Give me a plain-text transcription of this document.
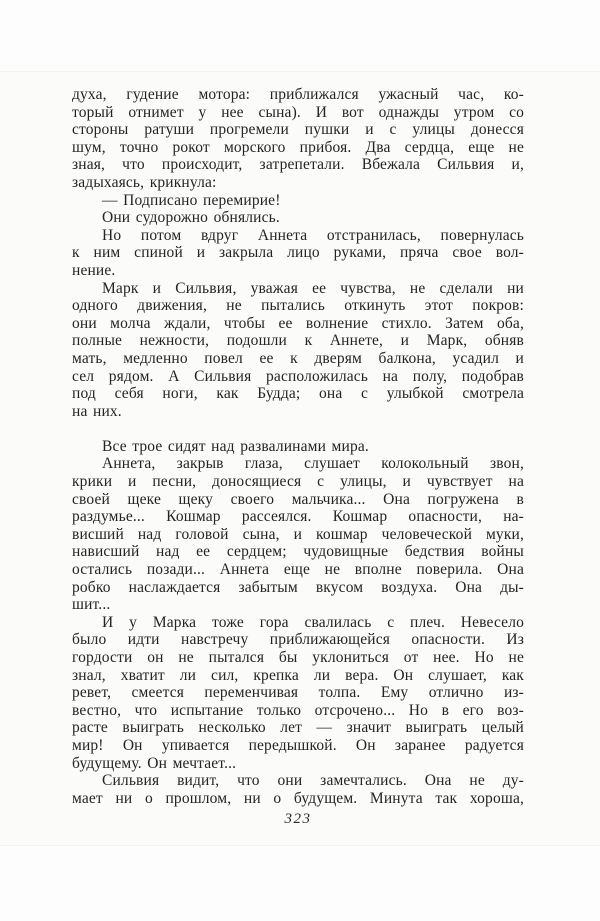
духа, гудение мотора: приближался ужасный час, ко-
торый отнимет у нее сына). И вот однажды утром со
стороны ратуши прогремели пушки и с улицы донесся
шум, точно рокот морского прибоя. Два сердца, еще не
зная, что происходит, затрепетали. Вбежала Сильвия и,
задыхаясь, крикнула:
— Подписано перемирие!
Они судорожно обнялись.
Но потом вдруг Аннета отстранилась, повернулась
к ним спиной и закрыла лицо руками, пряча свое вол-
нение.
Марк и Сильвия, уважая ее чувства, не сделали ни
одного движения, не пытались откинуть этот покров:
они молча ждали, чтобы ее волнение стихло. Затем оба,
полные нежности, подошли к Аннете, и Марк, обняв
мать, медленно повел ее к дверям балкона, усадил и
сел рядом. А Сильвия расположилась на полу, подобрав
под себя ноги, как Будда; она с улыбкой смотрела
на них.
Все трое сидят над развалинами мира.
Аннета, закрыв глаза, слушает колокольный звон,
крики и песни, доносящиеся с улицы, и чувствует на
своей щеке щеку своего мальчика... Она погружена в
раздумье... Кошмар рассеялся. Кошмар опасности, на-
висший над головой сына, и кошмар человеческой муки,
нависший над ее сердцем; чудовищные бедствия войны
остались позади... Аннета еще не вполне поверила. Она
робко наслаждается забытым вкусом воздуха. Она ды-
шит...
И у Марка тоже гора свалилась с плеч. Невесело
было идти навстречу приближающейся опасности. Из
гордости он не пытался бы уклониться от нее. Но не
знал, хватит ли сил, крепка ли вера. Он слушает, как
ревет, смеется переменчивая толпа. Ему отлично из-
вестно, что испытание только отсрочено... Но в его воз-
расте выиграть несколько лет — значит выиграть целый
мир! Он упивается передышкой. Он заранее радуется
будущему. Он мечтает...
Сильвия видит, что они замечтались. Она не ду-
мает ни о прошлом, ни о будущем. Минута так хороша,
323
